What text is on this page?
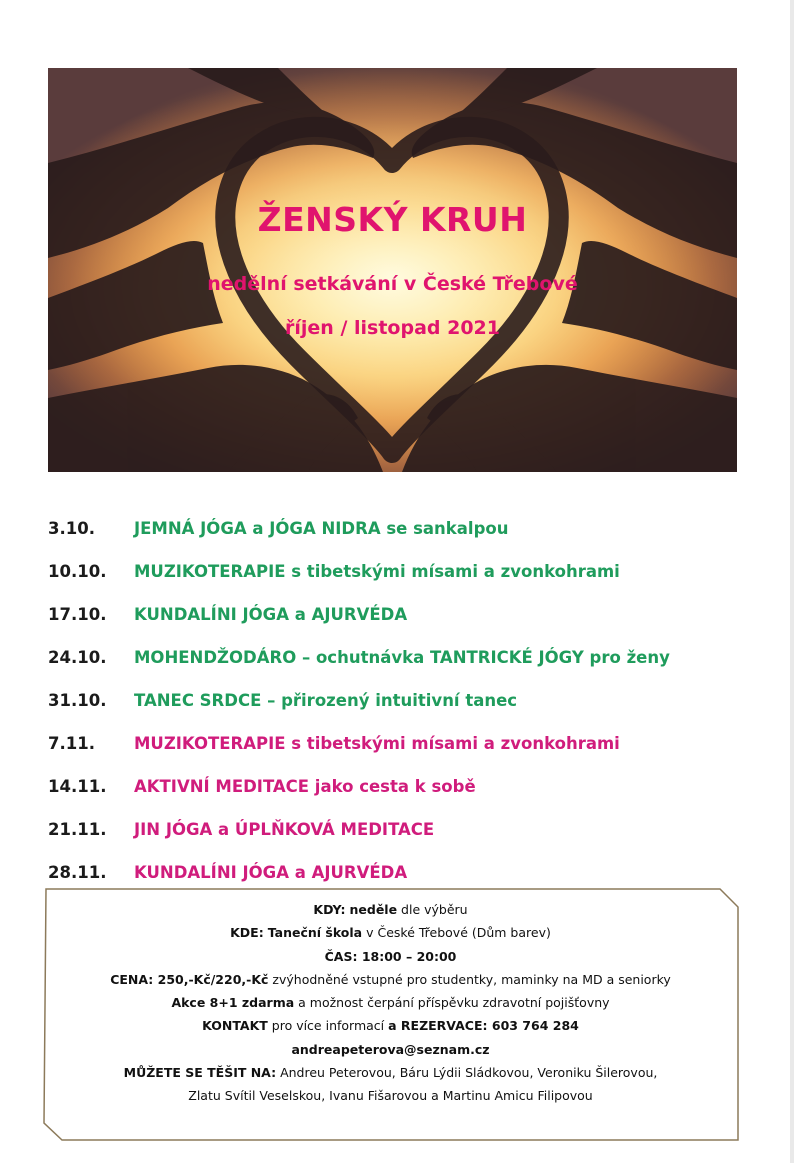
ŽENSKÝ KRUH
nedělní setkávání v České Třebové
říjen / listopad 2021
3.10.	JEMNÁ JÓGA a JÓGA NIDRA se sankalpou
10.10.	MUZIKOTERAPIE s tibetskými mísami a zvonkohrami
17.10.	KUNDALÍNI JÓGA a AJURVÉDA
24.10.	MOHENDŽODÁRO – ochutnávka TANTRICKÉ JÓGY pro ženy
31.10.	TANEC SRDCE – přirozený intuitivní tanec
7.11.	MUZIKOTERAPIE s tibetskými mísami a zvonkohrami
14.11.	AKTIVNÍ MEDITACE jako cesta k sobě
21.11.	JIN JÓGA a ÚPLŇKOVÁ MEDITACE
28.11.	KUNDALÍNI JÓGA a AJURVÉDA
KDY: neděle dle výběru
KDE: Taneční škola v České Třebové (Dům barev)
ČAS: 18:00 – 20:00
CENA: 250,-Kč/220,-Kč zvýhodněné vstupné pro studentky, maminky na MD a seniorky
Akce 8+1 zdarma a možnost čerpání příspěvku zdravotní pojišťovny
KONTAKT pro více informací a REZERVACE: 603 764 284
andreapeterova@seznam.cz
MŮŽETE SE TĚŠIT NA: Andreu Peterovou, Báru Lýdii Sládkovou, Veroniku Šilerovou,
Zlatu Svítil Veselskou, Ivanu Fišarovou a Martinu Amicu Filipovou
